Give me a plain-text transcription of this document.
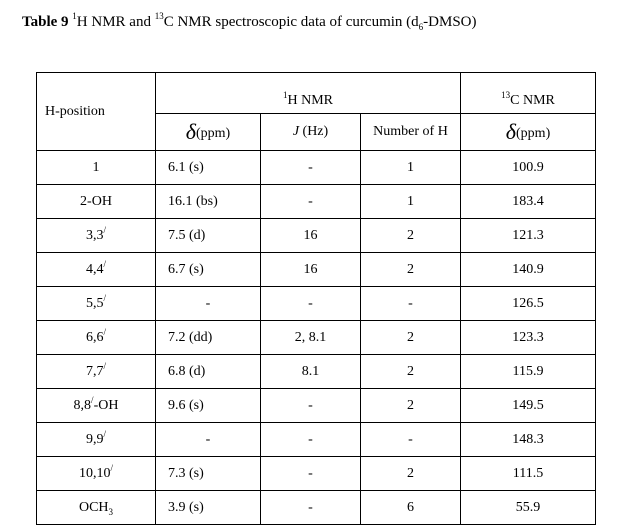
Table 9 $^1$H NMR and $^{13}$C NMR spectroscopic data of curcumin $(d_6-DMSO)$
H-position	$^1$H NMR			$^{13}$C NMR
	δ(ppm)	J (Hz)	Number of H	δ(ppm)
1	6.1 (s)	-	1	100.9
2-OH	16.1 (bs)	-	1	183.4
3,3/	7.5 (d)	16	2	121.3
4,4/	6.7 (s)	16	2	140.9
5,5/	-	-	-	126.5
6,6/	7.2 (dd)	2, 8.1	2	123.3
7,7/	6.8 (d)	8.1	2	115.9
8,8/-OH	9.6 (s)	-	2	149.5
9,9/	-	-	-	148.3
10,10/	7.3 (s)	-	2	111.5
$OCH_3$	3.9 (s)	-	6	55.9
